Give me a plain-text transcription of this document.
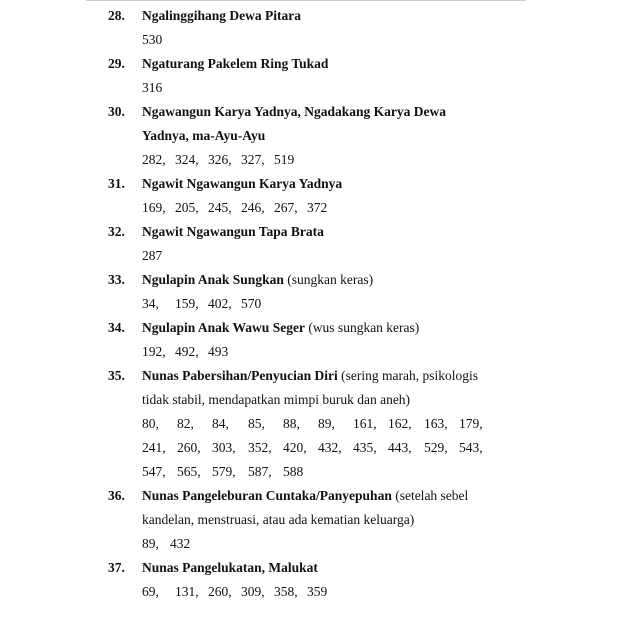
28. Ngalinggihang Dewa Pitara
530
29. Ngaturang Pakelem Ring Tukad
316
30. Ngawangun Karya Yadnya, Ngadakang Karya Dewa
Yadnya, ma-Ayu-Ayu
282, 324, 326, 327, 519
31. Ngawit Ngawangun Karya Yadnya
169, 205, 245, 246, 267, 372
32. Ngawit Ngawangun Tapa Brata
287
33. Ngulapin Anak Sungkan (sungkan keras)
34, 159, 402, 570
34. Ngulapin Anak Wawu Seger (wus sungkan keras)
192, 492, 493
35. Nunas Pabersihan/Penyucian Diri (sering marah, psikologis
tidak stabil, mendapatkan mimpi buruk dan aneh)
80, 82, 84, 85, 88, 89, 161, 162, 163, 179,
241, 260, 303, 352, 420, 432, 435, 443, 529, 543,
547, 565, 579, 587, 588
36. Nunas Pangeleburan Cuntaka/Panyepuhan (setelah sebel
kandelan, menstruasi, atau ada kematian keluarga)
89, 432
37. Nunas Pangelukatan, Malukat
69, 131, 260, 309, 358, 359
